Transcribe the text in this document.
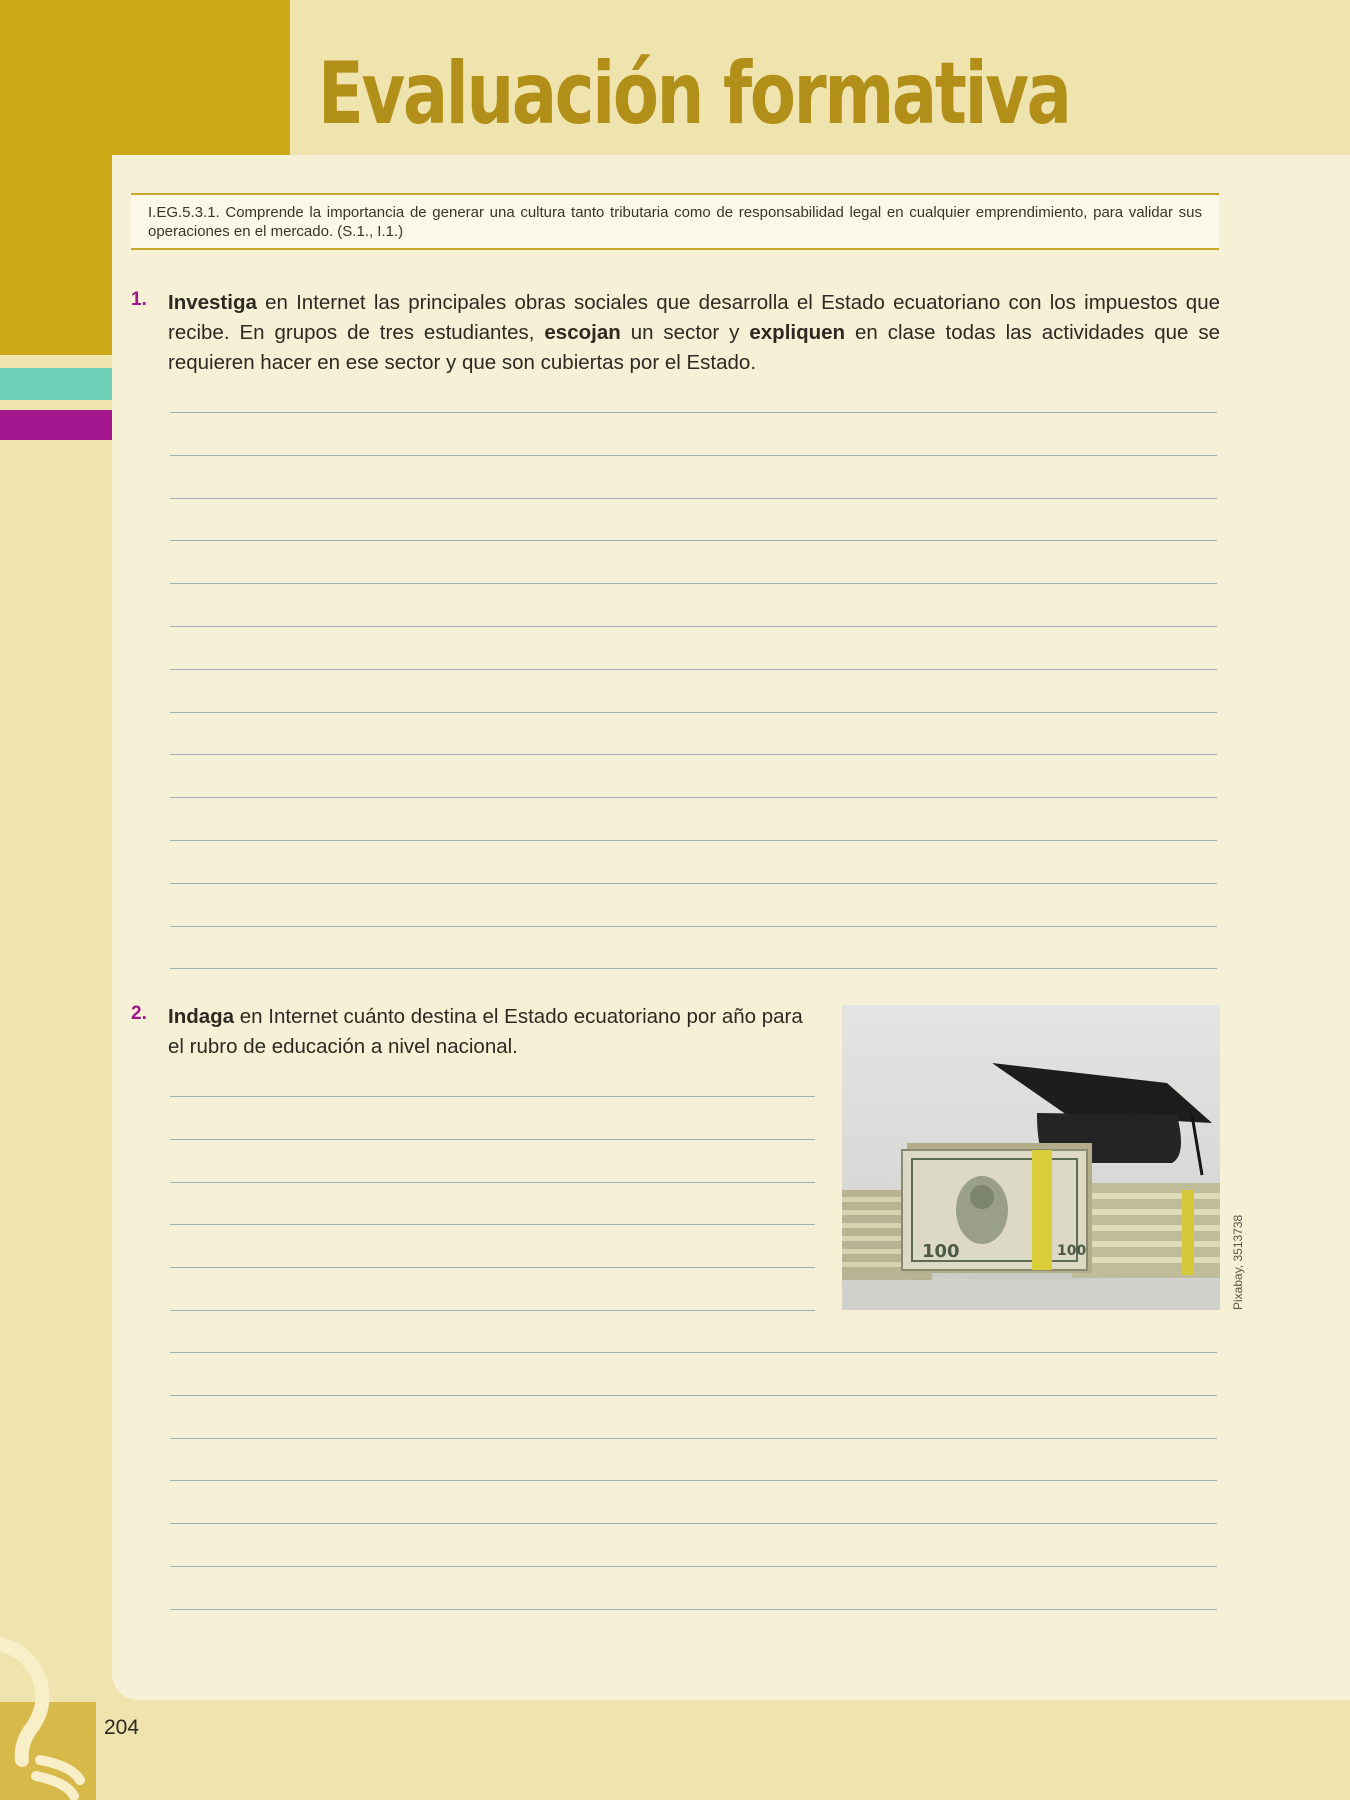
Evaluación formativa
I.EG.5.3.1. Comprende la importancia de generar una cultura tanto tributaria como de responsabilidad legal en cualquier emprendimiento, para validar sus operaciones en el mercado. (S.1., I.1.)
1. Investiga en Internet las principales obras sociales que desarrolla el Estado ecuatoriano con los impuestos que recibe. En grupos de tres estudiantes, escojan un sector y expliquen en clase todas las actividades que se requieren hacer en ese sector y que son cubiertas por el Estado.
2. Indaga en Internet cuánto destina el Estado ecuatoriano por año para el rubro de educación a nivel nacional.
100	100	Pixabay, 3513738
204
